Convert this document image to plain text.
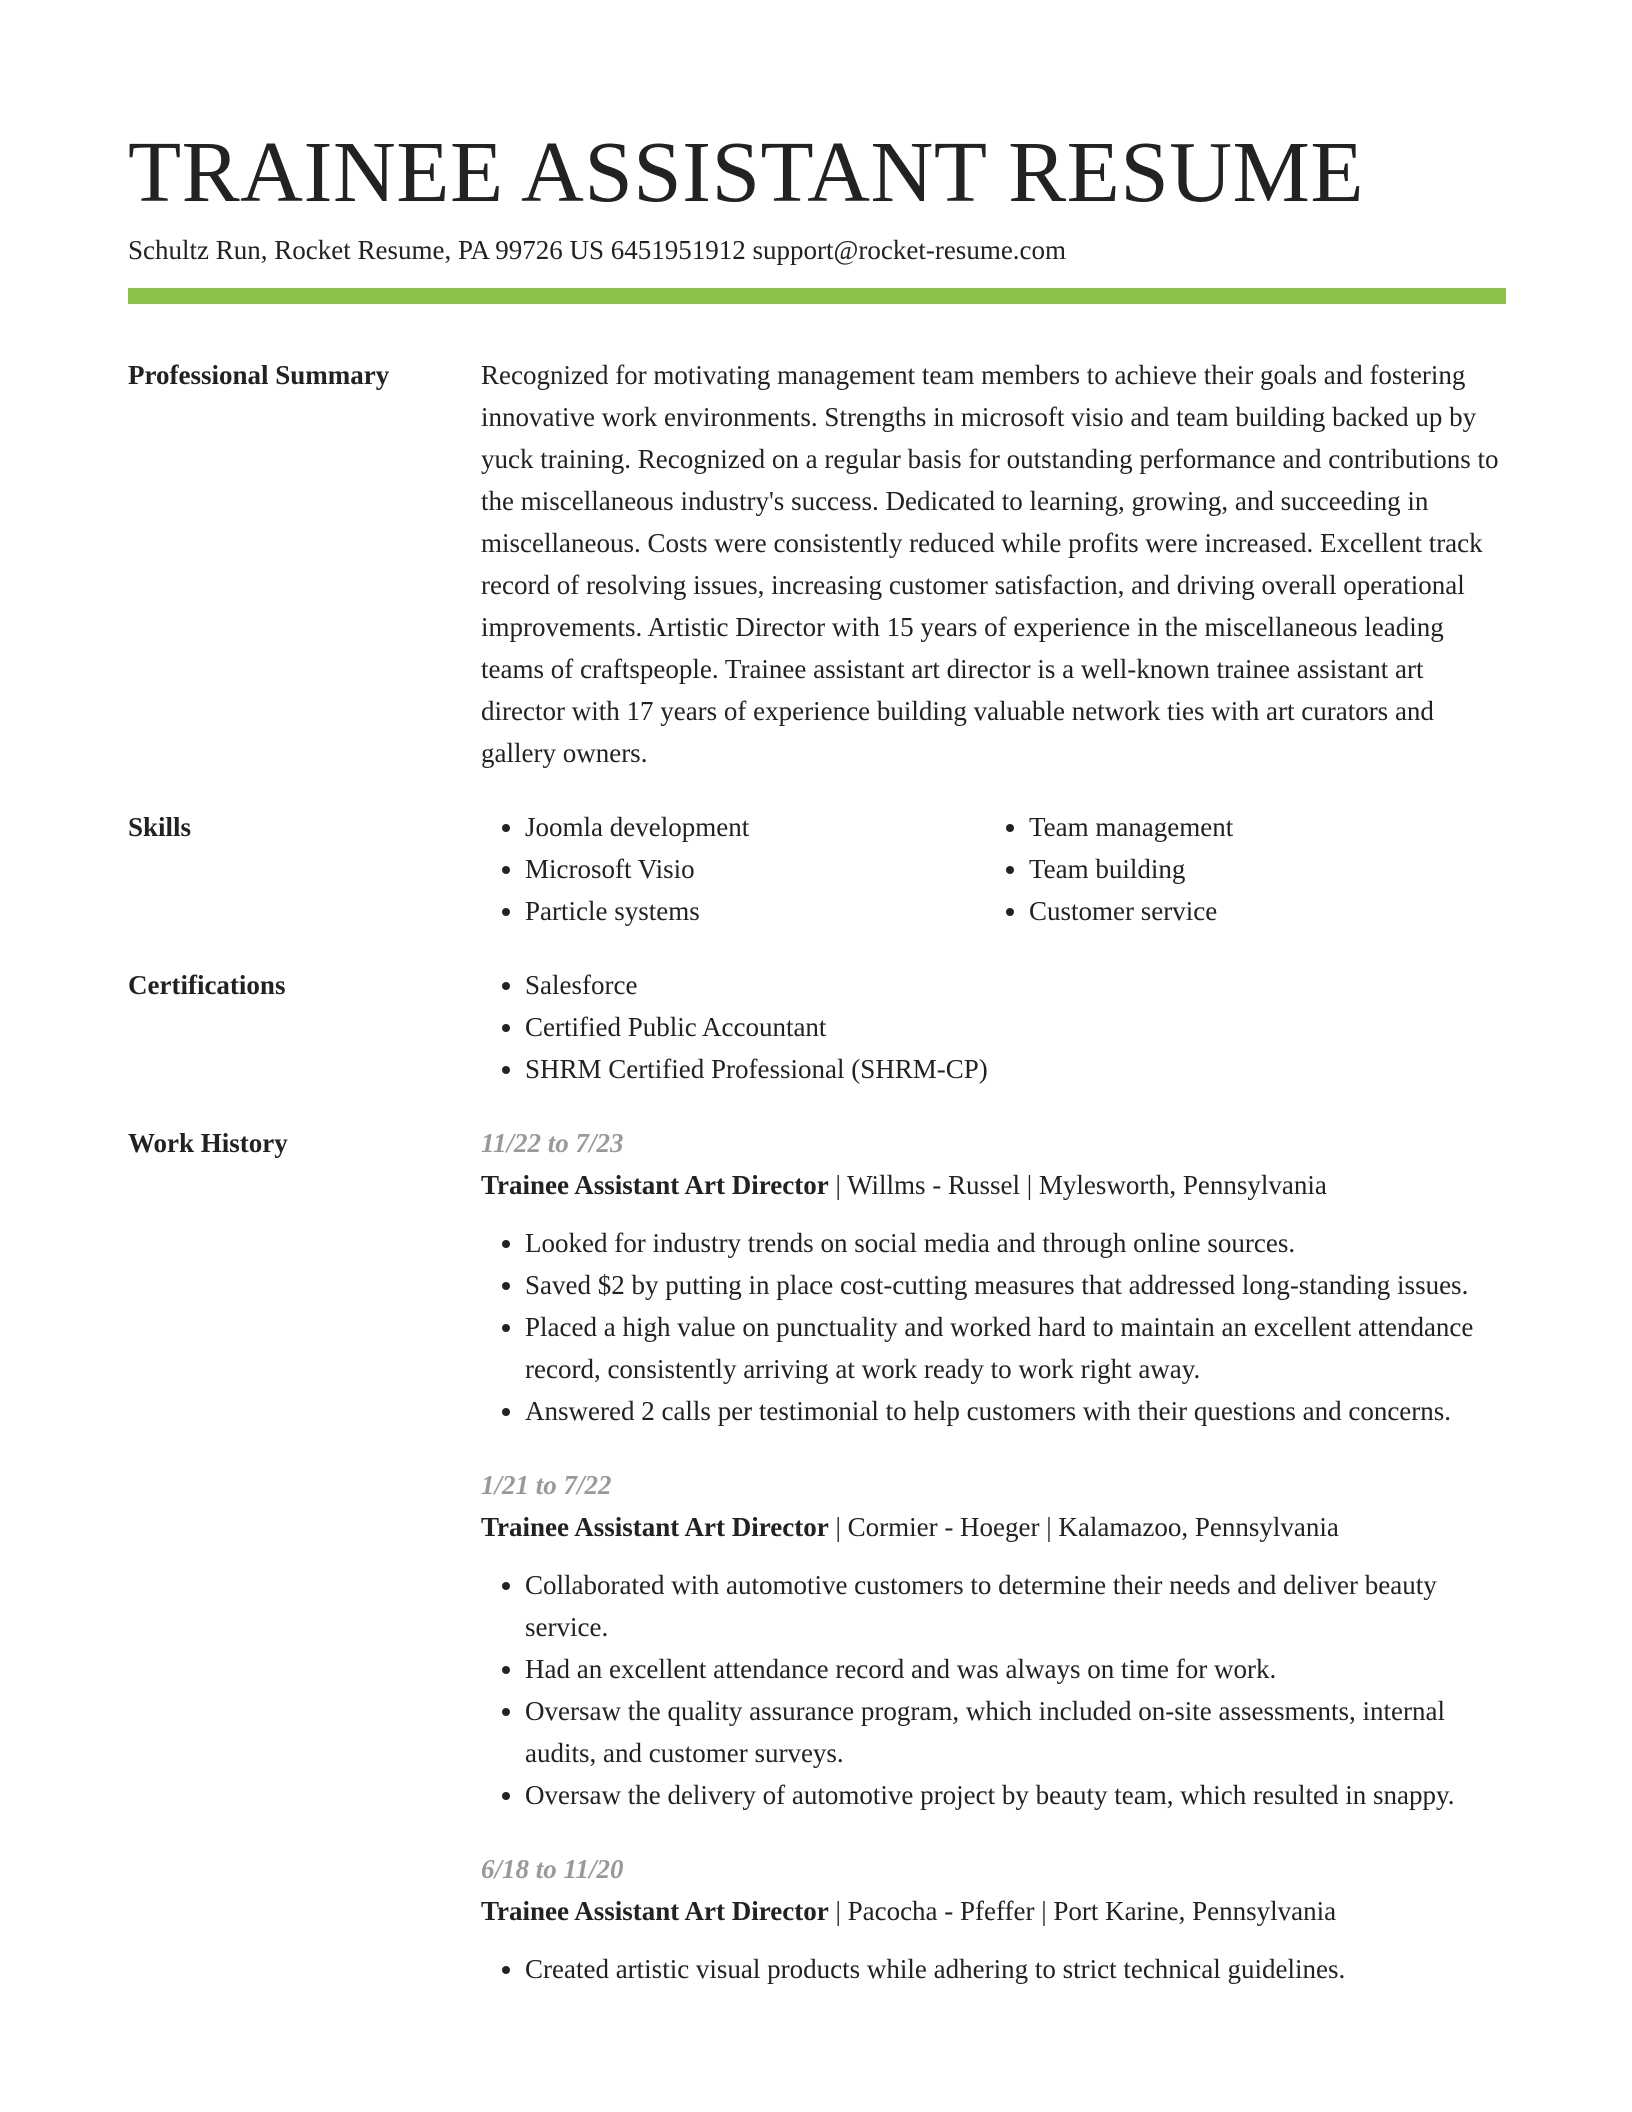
TRAINEE ASSISTANT RESUME
Schultz Run, Rocket Resume, PA 99726 US 6451951912 support@rocket-resume.com
Professional Summary	Recognized for motivating management team members to achieve their goals and fostering innovative work environments. Strengths in microsoft visio and team building backed up by yuck training. Recognized on a regular basis for outstanding performance and contributions to the miscellaneous industry's success. Dedicated to learning, growing, and succeeding in miscellaneous. Costs were consistently reduced while profits were increased. Excellent track record of resolving issues, increasing customer satisfaction, and driving overall operational improvements. Artistic Director with 15 years of experience in the miscellaneous leading teams of craftspeople. Trainee assistant art director is a well-known trainee assistant art director with 17 years of experience building valuable network ties with art curators and gallery owners.

Skills	• Joomla development
• Microsoft Visio
• Particle systems
• Team management
• Team building
• Customer service
Certifications	• Salesforce
• Certified Public Accountant
• SHRM Certified Professional (SHRM-CP)
Work History	11/22 to 7/23
Trainee Assistant Art Director | Willms - Russel | Mylesworth, Pennsylvania
• Looked for industry trends on social media and through online sources.
• Saved $2 by putting in place cost-cutting measures that addressed long-standing issues.
• Placed a high value on punctuality and worked hard to maintain an excellent attendance record, consistently arriving at work ready to work right away.
• Answered 2 calls per testimonial to help customers with their questions and concerns.
1/21 to 7/22
Trainee Assistant Art Director | Cormier - Hoeger | Kalamazoo, Pennsylvania
• Collaborated with automotive customers to determine their needs and deliver beauty service.
• Had an excellent attendance record and was always on time for work.
• Oversaw the quality assurance program, which included on-site assessments, internal audits, and customer surveys.
• Oversaw the delivery of automotive project by beauty team, which resulted in snappy.
6/18 to 11/20
Trainee Assistant Art Director | Pacocha - Pfeffer | Port Karine, Pennsylvania
• Created artistic visual products while adhering to strict technical guidelines.
